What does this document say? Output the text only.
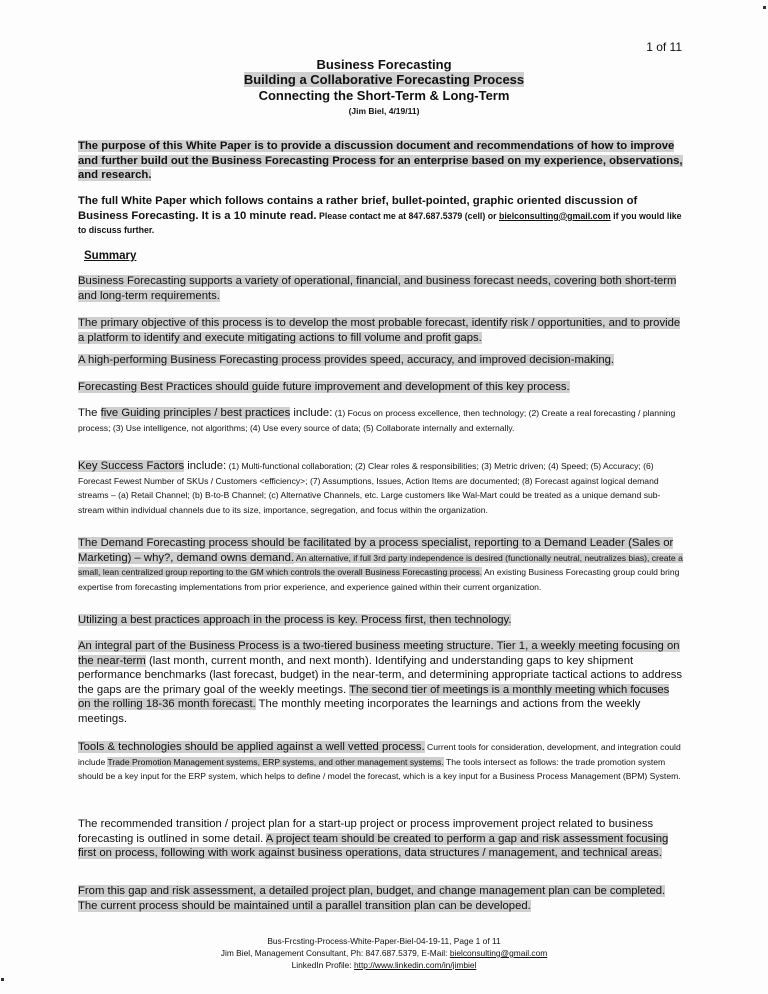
1 of 11
Business Forecasting
Building a Collaborative Forecasting Process
Connecting the Short-Term & Long-Term
(Jim Biel, 4/19/11)
The purpose of this White Paper is to provide a discussion document and recommendations of how to improve and further build out the Business Forecasting Process for an enterprise based on my experience, observations, and research.
The full White Paper which follows contains a rather brief, bullet-pointed, graphic oriented discussion of Business Forecasting. It is a 10 minute read. Please contact me at 847.687.5379 (cell) or bielconsulting@gmail.com if you would like to discuss further.
Summary
Business Forecasting supports a variety of operational, financial, and business forecast needs, covering both short-term and long-term requirements.
The primary objective of this process is to develop the most probable forecast, identify risk / opportunities, and to provide a platform to identify and execute mitigating actions to fill volume and profit gaps.
A high-performing Business Forecasting process provides speed, accuracy, and improved decision-making.
Forecasting Best Practices should guide future improvement and development of this key process.
The five Guiding principles / best practices include: (1) Focus on process excellence, then technology; (2) Create a real forecasting / planning process; (3) Use intelligence, not algorithms; (4) Use every source of data; (5) Collaborate internally and externally.
Key Success Factors include: (1) Multi-functional collaboration; (2) Clear roles & responsibilities; (3) Metric driven; (4) Speed; (5) Accuracy; (6) Forecast Fewest Number of SKUs / Customers <efficiency>; (7) Assumptions, Issues, Action Items are documented; (8) Forecast against logical demand streams – (a) Retail Channel; (b) B-to-B Channel; (c) Alternative Channels, etc. Large customers like Wal-Mart could be treated as a unique demand sub-stream within individual channels due to its size, importance, segregation, and focus within the organization.
The Demand Forecasting process should be facilitated by a process specialist, reporting to a Demand Leader (Sales or Marketing) – why?, demand owns demand. An alternative, if full 3rd party independence is desired (functionally neutral, neutralizes bias), create a small, lean centralized group reporting to the GM which controls the overall Business Forecasting process. An existing Business Forecasting group could bring expertise from forecasting implementations from prior experience, and experience gained within their current organization.
Utilizing a best practices approach in the process is key. Process first, then technology.
An integral part of the Business Process is a two-tiered business meeting structure. Tier 1, a weekly meeting focusing on the near-term (last month, current month, and next month). Identifying and understanding gaps to key shipment performance benchmarks (last forecast, budget) in the near-term, and determining appropriate tactical actions to address the gaps are the primary goal of the weekly meetings. The second tier of meetings is a monthly meeting which focuses on the rolling 18-36 month forecast. The monthly meeting incorporates the learnings and actions from the weekly meetings.
Tools & technologies should be applied against a well vetted process. Current tools for consideration, development, and integration could include Trade Promotion Management systems, ERP systems, and other management systems. The tools intersect as follows: the trade promotion system should be a key input for the ERP system, which helps to define / model the forecast, which is a key input for a Business Process Management (BPM) System.
The recommended transition / project plan for a start-up project or process improvement project related to business forecasting is outlined in some detail. A project team should be created to perform a gap and risk assessment focusing first on process, following with work against business operations, data structures / management, and technical areas.
From this gap and risk assessment, a detailed project plan, budget, and change management plan can be completed. The current process should be maintained until a parallel transition plan can be developed.
Bus-Frcsting-Process-White-Paper-Biel-04-19-11, Page 1 of 11
Jim Biel, Management Consultant, Ph: 847.687.5379, E-Mail: bielconsulting@gmail.com
LinkedIn Profile: http://www.linkedin.com/in/jimbiel
